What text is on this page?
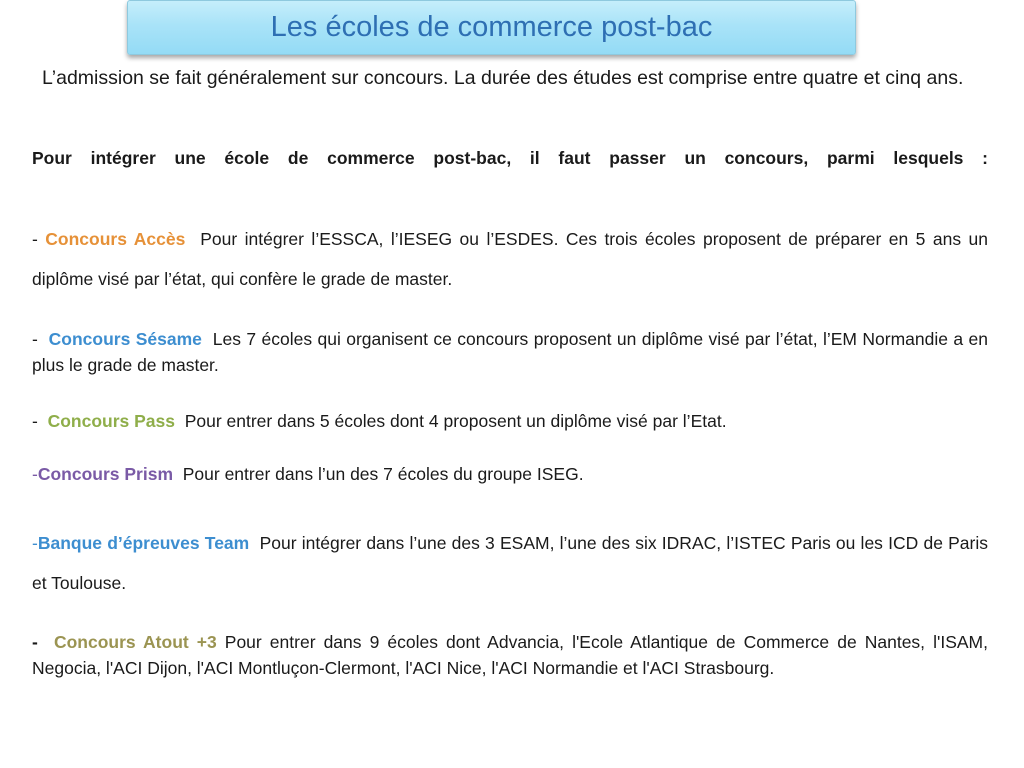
Les écoles de commerce post-bac
L’admission se fait généralement sur concours. La durée des études est comprise entre quatre et cinq ans.
Pour intégrer une école de commerce post-bac, il faut passer un concours, parmi lesquels :
- Concours Accès Pour intégrer l’ESSCA, l’IESEG ou l’ESDES. Ces trois écoles proposent de préparer en 5 ans un diplôme visé par l’état, qui confère le grade de master.
-  Concours Sésame Les 7 écoles qui organisent ce concours proposent un diplôme visé par l’état, l’EM Normandie a en plus le grade de master.
-  Concours Pass Pour entrer dans 5 écoles dont 4 proposent un diplôme visé par l’Etat.
-Concours Prism Pour entrer dans l’un des 7 écoles du groupe ISEG.
-Banque d’épreuves Team Pour intégrer dans l’une des 3 ESAM, l’une des six IDRAC, l’ISTEC Paris ou les ICD de Paris et Toulouse.
-  Concours Atout +3 Pour entrer dans 9 écoles dont Advancia, l'Ecole Atlantique de Commerce de Nantes, l'ISAM, Negocia, l'ACI Dijon, l'ACI Montluçon-Clermont, l'ACI Nice, l'ACI Normandie et l'ACI Strasbourg.
